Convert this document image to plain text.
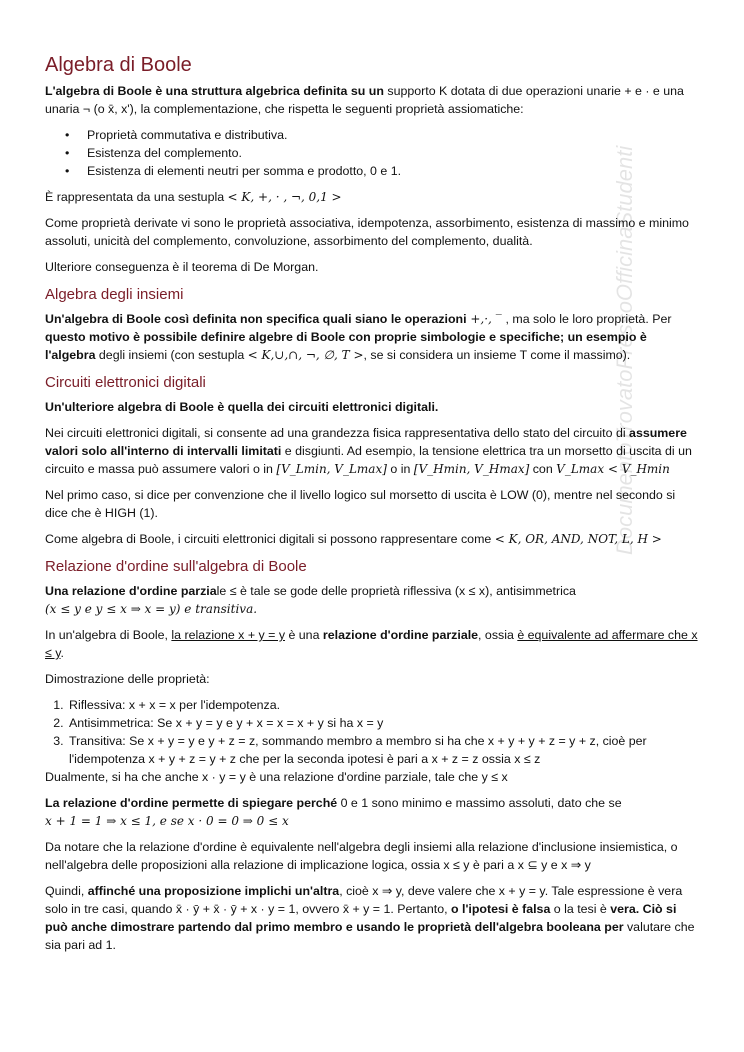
Algebra di Boole

L'algebra di Boole è una struttura algebrica definita su un supporto K dotata di due operazioni unarie + e · e una unaria ¬ (o x̄, x'), la complementazione, che rispetta le seguenti proprietà assiomatiche:

• Proprietà commutativa e distributiva.
• Esistenza del complemento.
• Esistenza di elementi neutri per somma e prodotto, 0 e 1.

È rappresentata da una sestupla < K, +, · , ¬, 0,1 >

Come proprietà derivate vi sono le proprietà associativa, idempotenza, assorbimento, esistenza di massimo e minimo assoluti, unicità del complemento, convoluzione, assorbimento del complemento, dualità.

Ulteriore conseguenza è il teorema di De Morgan.

Algebra degli insiemi

Un'algebra di Boole così definita non specifica quali siano le operazioni +,·, ‾ , ma solo le loro proprietà. Per questo motivo è possibile definire algebre di Boole con proprie simbologie e specifiche; un esempio è l'algebra degli insiemi (con sestupla < K,∪,∩, ¬, ∅, T >, se si considera un insieme T come il massimo).

Circuiti elettronici digitali

Un'ulteriore algebra di Boole è quella dei circuiti elettronici digitali.

Nei circuiti elettronici digitali, si consente ad una grandezza fisica rappresentativa dello stato del circuito di assumere valori solo all'interno di intervalli limitati e disgiunti. Ad esempio, la tensione elettrica tra un morsetto di uscita di un circuito e massa può assumere valori o in [V_Lmin, V_Lmax] o in [V_Hmin, V_Hmax] con V_Lmax < V_Hmin

Nel primo caso, si dice per convenzione che il livello logico sul morsetto di uscita è LOW (0), mentre nel secondo si dice che è HIGH (1).

Come algebra di Boole, i circuiti elettronici digitali si possono rappresentare come < K, OR, AND, NOT, L, H >

Relazione d'ordine sull'algebra di Boole

Una relazione d'ordine parziale ≤ è tale se gode delle proprietà riflessiva (x ≤ x), antisimmetrica
(x ≤ y e y ≤ x ⇒ x = y) e transitiva.

In un'algebra di Boole, la relazione x + y = y è una relazione d'ordine parziale, ossia è equivalente ad affermare che x ≤ y.

Dimostrazione delle proprietà:

1. Riflessiva: x + x = x per l'idempotenza.
2. Antisimmetrica: Se x + y = y e y + x = x = x + y si ha x = y
3. Transitiva: Se x + y = y e y + z = z, sommando membro a membro si ha che x + y + y + z = y + z, cioè per l'idempotenza x + y + z = y + z che per la seconda ipotesi è pari a x + z = z ossia x ≤ z

Dualmente, si ha che anche x · y = y è una relazione d'ordine parziale, tale che y ≤ x

La relazione d'ordine permette di spiegare perché 0 e 1 sono minimo e massimo assoluti, dato che se
x + 1 = 1 ⇒ x ≤ 1, e se x · 0 = 0 ⇒ 0 ≤ x

Da notare che la relazione d'ordine è equivalente nell'algebra degli insiemi alla relazione d'inclusione insiemistica, o nell'algebra delle proposizioni alla relazione di implicazione logica, ossia x ≤ y è pari a x ⊆ y e x ⇒ y

Quindi, affinché una proposizione implichi un'altra, cioè x ⇒ y, deve valere che x + y = y. Tale espressione è vera solo in tre casi, quando x̄ · ȳ + x̄ · ȳ + x · y = 1, ovvero x̄ + y = 1. Pertanto, o l'ipotesi è falsa o la tesi è vera. Ciò si può anche dimostrare partendo dal primo membro e usando le proprietà dell'algebra booleana per valutare che sia pari ad 1.

DocumentoTrovatoPressoOfficinaStudenti
